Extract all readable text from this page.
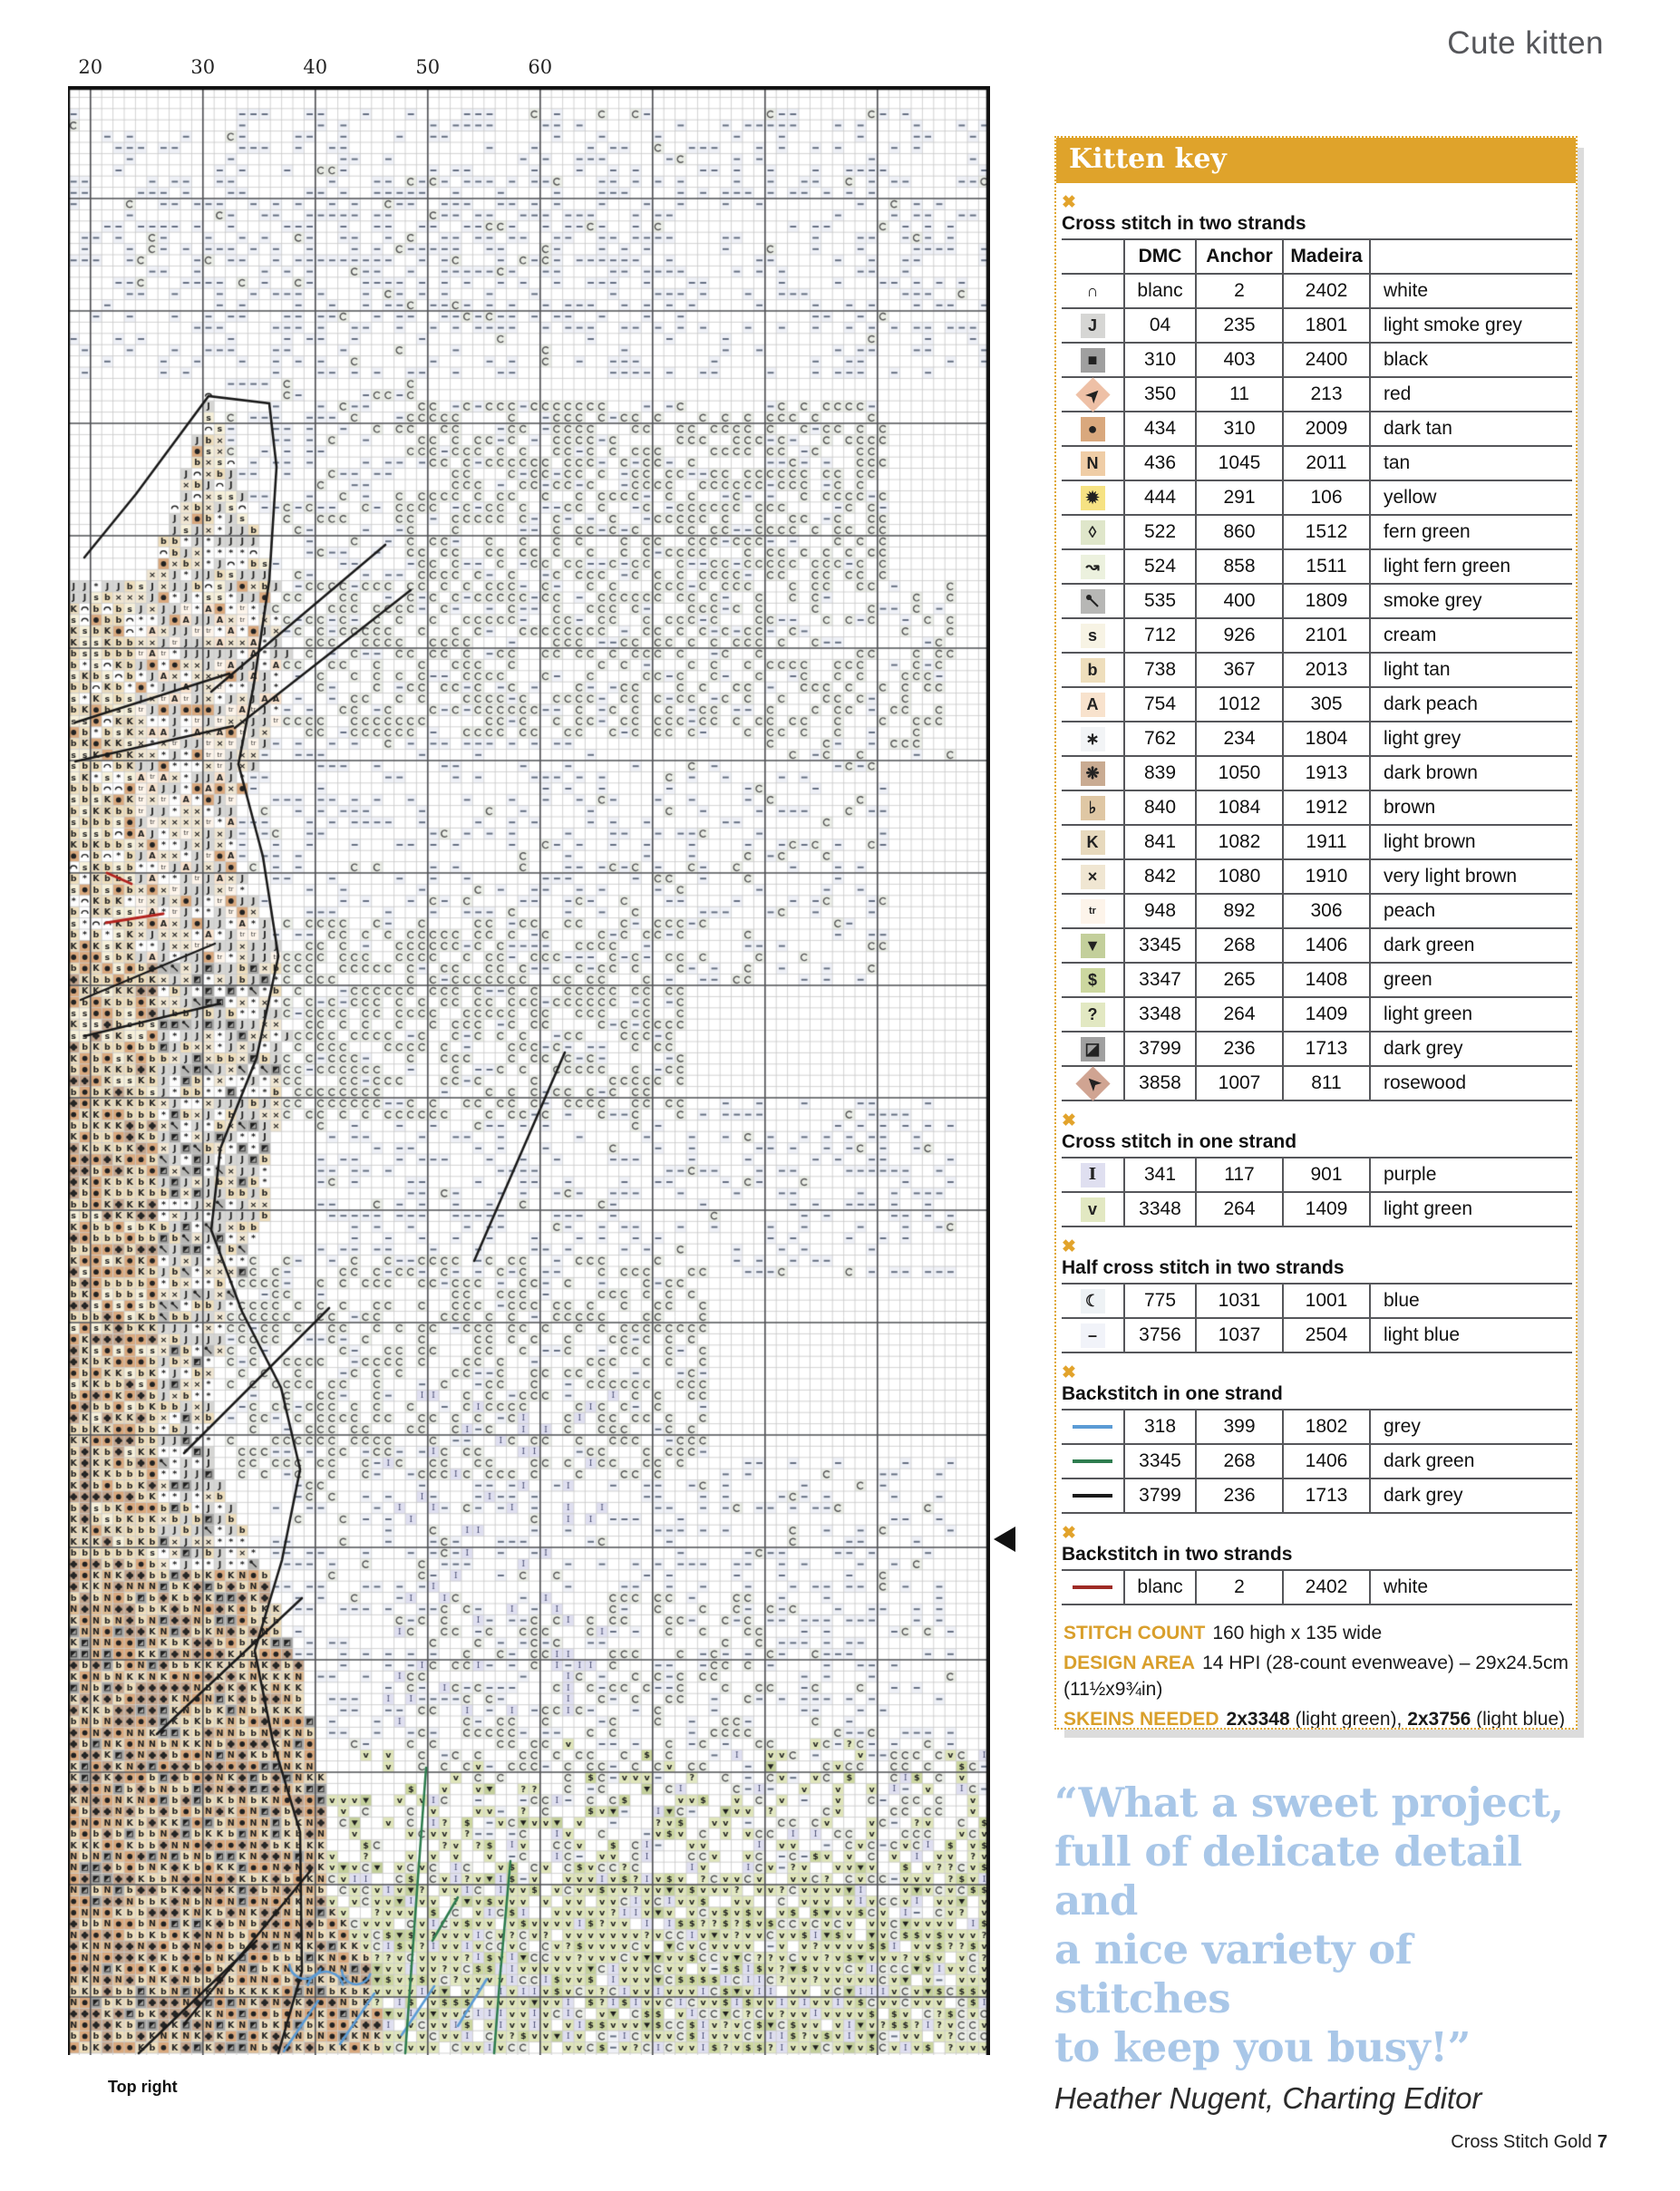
Cute kitten
20	30	40	50	60
Top right
Kitten key
✖
Cross stitch in two strands
DMC	Anchor Madeira
∩	blanc	2	2402	white
J	04	235	1801	light smoke grey
■	310	403	2400	black
➤	350	11	213	red
●	434	310	2009	dark tan
N	436	1045	2011	tan
✹	444	291	106	yellow
◊	522	860	1512	fern green
↝	524	858	1511	light fern green
535	400	1809	smoke grey
s	712	926	2101	cream
b	738	367	2013	light tan
A	754	1012	305	dark peach
∗	762	234	1804	light grey
❋	839	1050	1913	dark brown
♭	840	1084	1912	brown
K	841	1082	1911	light brown
×	842	1080	1910	very light brown
tr	948	892	306	peach
▼	3345	268	1406	dark green
$	3347	265	1408	green
?	3348	264	1409	light green
◪	3799	236	1713	dark grey
➤	3858	1007	811	rosewood
✖
Cross stitch in one strand
I	341	117	901	purple
v	3348	264	1409	light green
✖
Half cross stitch in two strands
☾	775	1031	1001	blue
–	3756	1037	2504	light blue
✖
Backstitch in one strand
318	399	1802	grey
3345	268	1406	dark green
3799	236	1713	dark grey
✖
Backstitch in two strands
blanc	2	2402	white
STITCH COUNT 160 high x 135 wide
DESIGN AREA 14 HPI (28-count evenweave) – 29x24.5cm (11½x9¾in)
SKEINS NEEDED 2x3348 (light green), 2x3756 (light blue)

“What a sweet project,
full of delicate detail and
a nice variety of stitches
to keep you busy!”
Heather Nugent, Charting Editor
Cross Stitch Gold 7
